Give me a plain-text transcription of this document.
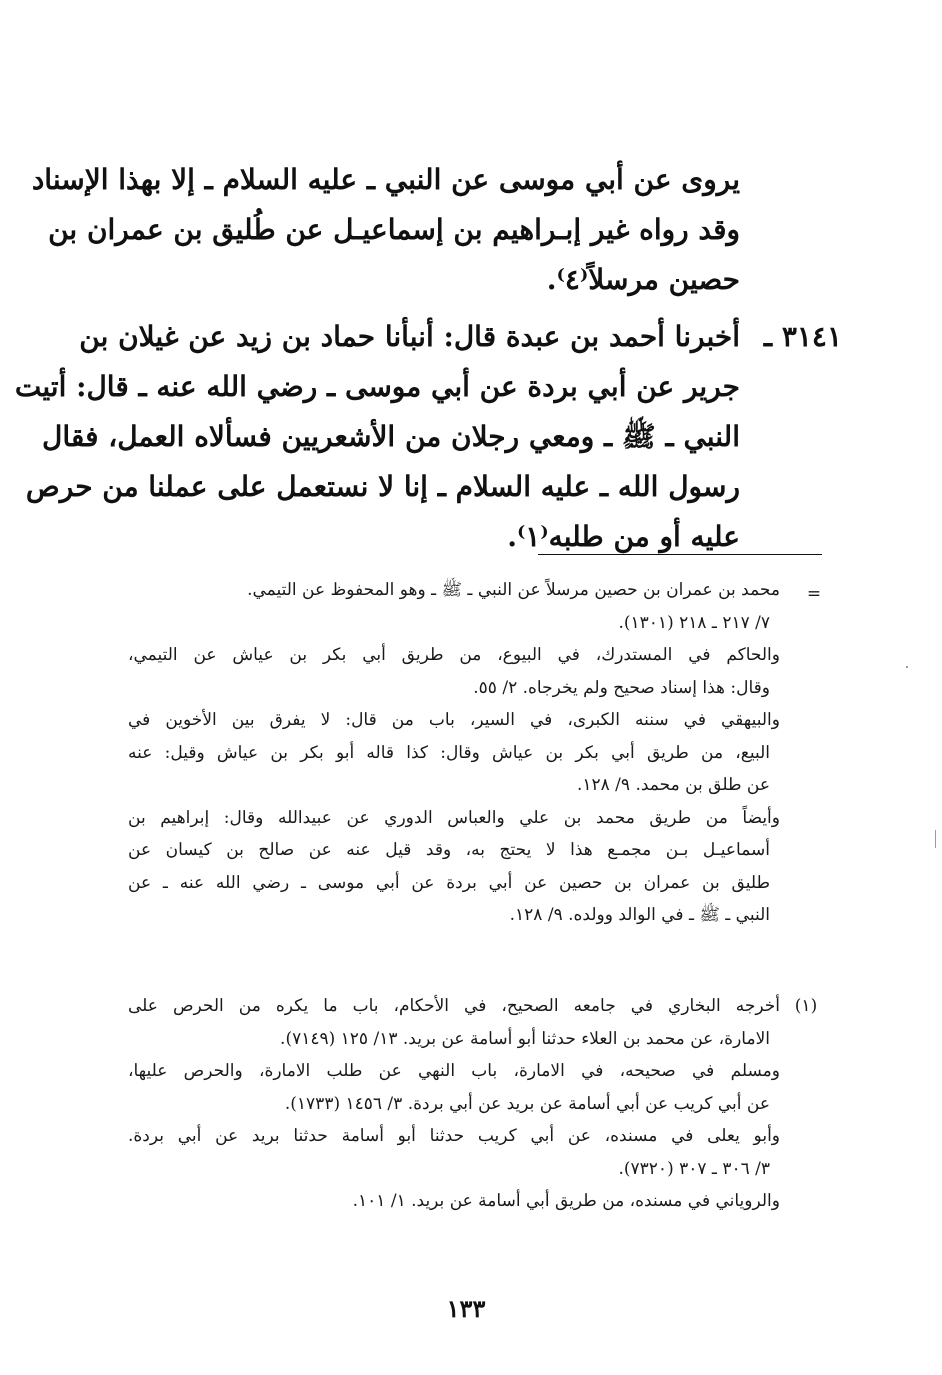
يروى عن أبي موسى عن النبي ـ عليه السلام ـ إلا بهذا الإسناد
وقد رواه غير إبـراهيم بن إسماعيـل عن طُليق بن عمران بن
حصين مرسلاً⁽٤⁾.
٣١٤١ ـ
أخبرنا أحمد بن عبدة قال: أنبأنا حماد بن زيد عن غيلان بن
جرير عن أبي بردة عن أبي موسى ـ رضي الله عنه ـ قال: أتيت
النبي ـ ﷺ ـ ومعي رجلان من الأشعريين فسألاه العمل، فقال
رسول الله ـ عليه السلام ـ إنا لا نستعمل على عملنا من حرص
عليه أو من طلبه⁽١⁾.
=
محمد بن عمران بن حصين مرسلاً عن النبي ـ ﷺ ـ وهو المحفوظ عن التيمي.
٧/ ٢١٧ ـ ٢١٨ (١٣٠١).
والحاكم في المستدرك، في البيوع، من طريق أبي بكر بن عياش عن التيمي،
وقال: هذا إسناد صحيح ولم يخرجاه. ٢/ ٥٥.
والبيهقي في سننه الكبرى، في السير، باب من قال: لا يفرق بين الأخوين في
البيع، من طريق أبي بكر بن عياش وقال: كذا قاله أبو بكر بن عياش وقيل: عنه
عن طلق بن محمد. ٩/ ١٢٨.
وأيضاً من طريق محمد بن علي والعباس الدوري عن عبيدالله وقال: إبراهيم بن
أسماعيـل بـن مجمـع هذا لا يحتج به، وقد قيل عنه عن صالح بن كيسان عن
طليق بن عمران بن حصين عن أبي بردة عن أبي موسى ـ رضي الله عنه ـ عن
النبي ـ ﷺ ـ في الوالد وولده. ٩/ ١٢٨.
(١)
أخرجه البخاري في جامعه الصحيح، في الأحكام، باب ما يكره من الحرص على
الامارة، عن محمد بن العلاء حدثنا أبو أسامة عن بريد. ١٣/ ١٢٥ (٧١٤٩).
ومسلم في صحيحه، في الامارة، باب النهي عن طلب الامارة، والحرص عليها،
عن أبي كريب عن أبي أسامة عن بريد عن أبي بردة. ٣/ ١٤٥٦ (١٧٣٣).
وأبو يعلى في مسنده، عن أبي كريب حدثنا أبو أسامة حدثنا بريد عن أبي بردة.
٣/ ٣٠٦ ـ ٣٠٧ (٧٣٢٠).
والروياني في مسنده، من طريق أبي أسامة عن بريد. ١/ ١٠١.
١٣٣
